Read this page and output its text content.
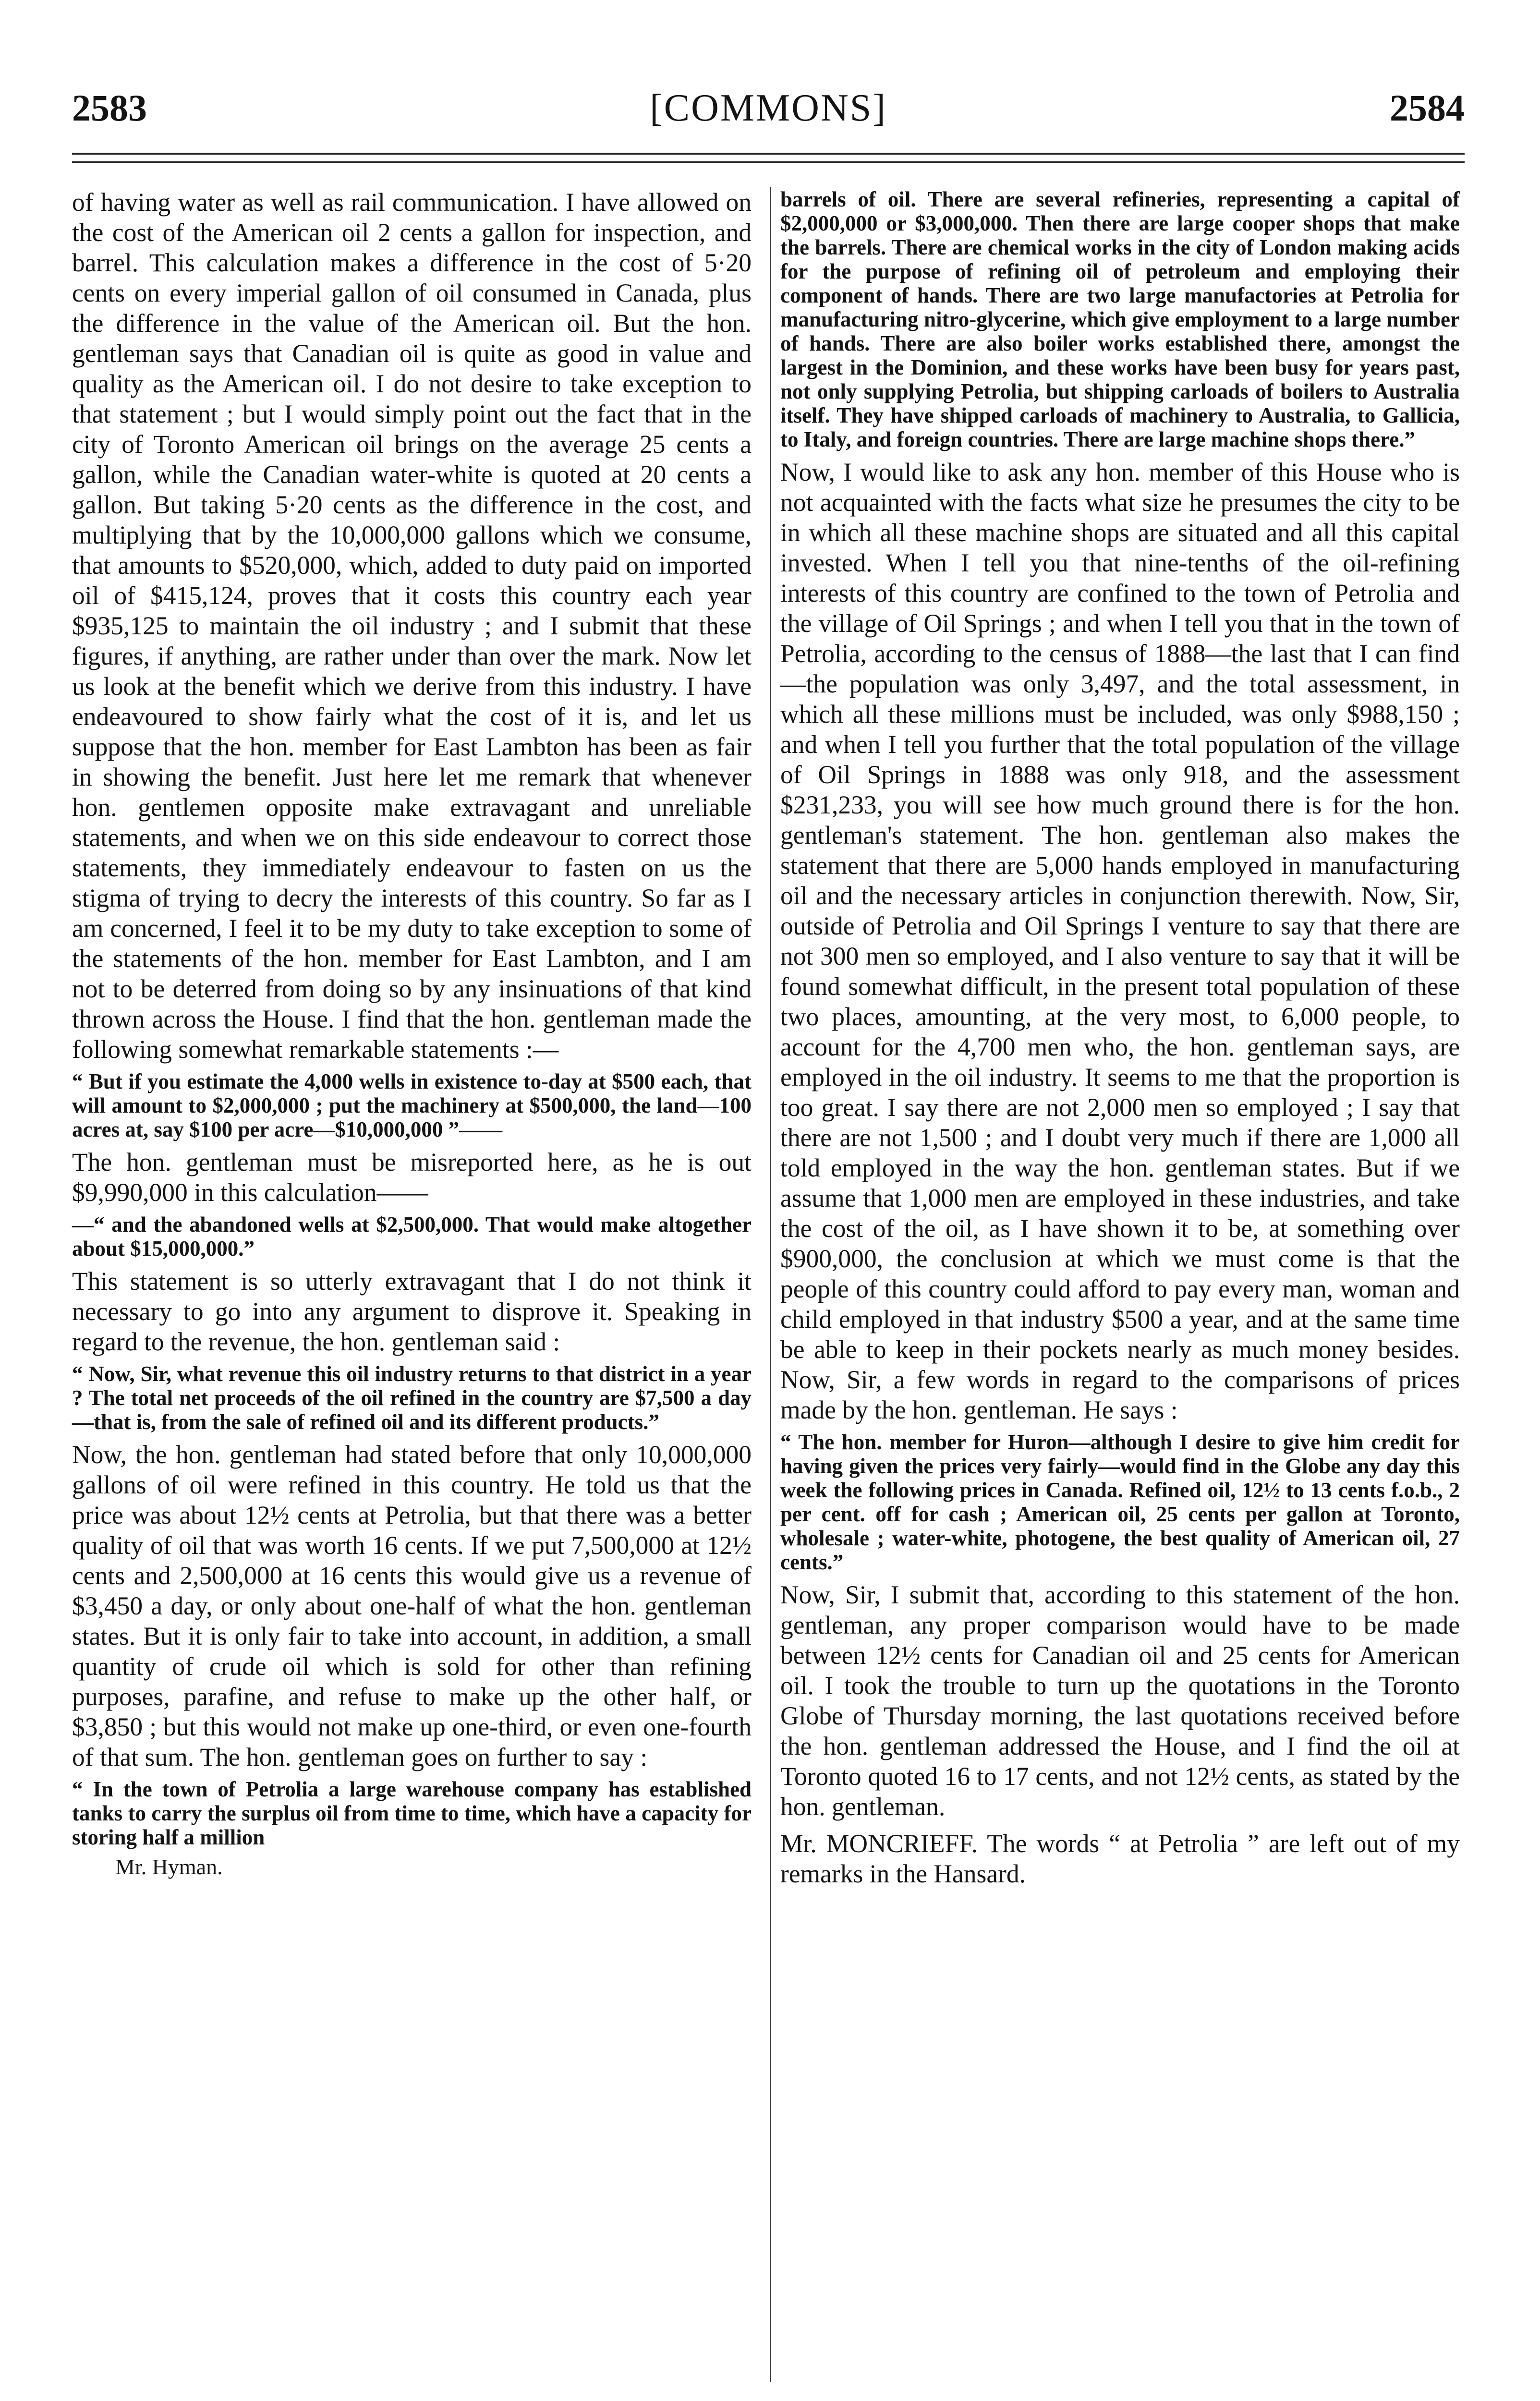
2583	[COMMONS]	2584

of having water as well as rail communication. I have allowed on the cost of the American oil 2 cents a gallon for inspection, and barrel. This calculation makes a difference in the cost of 5·20 cents on every imperial gallon of oil consumed in Canada, plus the difference in the value of the American oil. But the hon. gentleman says that Canadian oil is quite as good in value and quality as the American oil. I do not desire to take exception to that statement ; but I would simply point out the fact that in the city of Toronto American oil brings on the average 25 cents a gallon, while the Canadian water-white is quoted at 20 cents a gallon. But taking 5·20 cents as the difference in the cost, and multiplying that by the 10,000,000 gallons which we consume, that amounts to $520,000, which, added to duty paid on imported oil of $415,124, proves that it costs this country each year $935,125 to maintain the oil industry ; and I submit that these figures, if anything, are rather under than over the mark. Now let us look at the benefit which we derive from this industry. I have endeavoured to show fairly what the cost of it is, and let us suppose that the hon. member for East Lambton has been as fair in showing the benefit. Just here let me remark that whenever hon. gentlemen opposite make extravagant and unreliable statements, and when we on this side endeavour to correct those statements, they immediately endeavour to fasten on us the stigma of trying to decry the interests of this country. So far as I am concerned, I feel it to be my duty to take exception to some of the statements of the hon. member for East Lambton, and I am not to be deterred from doing so by any insinuations of that kind thrown across the House. I find that the hon. gentleman made the following somewhat remarkable statements :—

“ But if you estimate the 4,000 wells in existence to-day at $500 each, that will amount to $2,000,000 ; put the machinery at $500,000, the land—100 acres at, say $100 per acre—$10,000,000 ”——

The hon. gentleman must be misreported here, as he is out $9,990,000 in this calculation——

—“ and the abandoned wells at $2,500,000. That would make altogether about $15,000,000.”

This statement is so utterly extravagant that I do not think it necessary to go into any argument to disprove it. Speaking in regard to the revenue, the hon. gentleman said :

“ Now, Sir, what revenue this oil industry returns to that district in a year ? The total net proceeds of the oil refined in the country are $7,500 a day—that is, from the sale of refined oil and its different products.”

Now, the hon. gentleman had stated before that only 10,000,000 gallons of oil were refined in this country. He told us that the price was about 12½ cents at Petrolia, but that there was a better quality of oil that was worth 16 cents. If we put 7,500,000 at 12½ cents and 2,500,000 at 16 cents this would give us a revenue of $3,450 a day, or only about one-half of what the hon. gentleman states. But it is only fair to take into account, in addition, a small quantity of crude oil which is sold for other than refining purposes, parafine, and refuse to make up the other half, or $3,850 ; but this would not make up one-third, or even one-fourth of that sum. The hon. gentleman goes on further to say :

“ In the town of Petrolia a large warehouse company has established tanks to carry the surplus oil from time to time, which have a capacity for storing half a million

Mr. Hyman.

barrels of oil. There are several refineries, representing a capital of $2,000,000 or $3,000,000. Then there are large cooper shops that make the barrels. There are chemical works in the city of London making acids for the purpose of refining oil of petroleum and employing their component of hands. There are two large manufactories at Petrolia for manufacturing nitro-glycerine, which give employment to a large number of hands. There are also boiler works established there, amongst the largest in the Dominion, and these works have been busy for years past, not only supplying Petrolia, but shipping carloads of boilers to Australia itself. They have shipped carloads of machinery to Australia, to Gallicia, to Italy, and foreign countries. There are large machine shops there.”

Now, I would like to ask any hon. member of this House who is not acquainted with the facts what size he presumes the city to be in which all these machine shops are situated and all this capital invested. When I tell you that nine-tenths of the oil-refining interests of this country are confined to the town of Petrolia and the village of Oil Springs ; and when I tell you that in the town of Petrolia, according to the census of 1888—the last that I can find—the population was only 3,497, and the total assessment, in which all these millions must be included, was only $988,150 ; and when I tell you further that the total population of the village of Oil Springs in 1888 was only 918, and the assessment $231,233, you will see how much ground there is for the hon. gentleman's statement. The hon. gentleman also makes the statement that there are 5,000 hands employed in manufacturing oil and the necessary articles in conjunction therewith. Now, Sir, outside of Petrolia and Oil Springs I venture to say that there are not 300 men so employed, and I also venture to say that it will be found somewhat difficult, in the present total population of these two places, amounting, at the very most, to 6,000 people, to account for the 4,700 men who, the hon. gentleman says, are employed in the oil industry. It seems to me that the proportion is too great. I say there are not 2,000 men so employed ; I say that there are not 1,500 ; and I doubt very much if there are 1,000 all told employed in the way the hon. gentleman states. But if we assume that 1,000 men are employed in these industries, and take the cost of the oil, as I have shown it to be, at something over $900,000, the conclusion at which we must come is that the people of this country could afford to pay every man, woman and child employed in that industry $500 a year, and at the same time be able to keep in their pockets nearly as much money besides. Now, Sir, a few words in regard to the comparisons of prices made by the hon. gentleman. He says :

“ The hon. member for Huron—although I desire to give him credit for having given the prices very fairly—would find in the Globe any day this week the following prices in Canada. Refined oil, 12½ to 13 cents f.o.b., 2 per cent. off for cash ; American oil, 25 cents per gallon at Toronto, wholesale ; water-white, photogene, the best quality of American oil, 27 cents.”

Now, Sir, I submit that, according to this statement of the hon. gentleman, any proper comparison would have to be made between 12½ cents for Canadian oil and 25 cents for American oil. I took the trouble to turn up the quotations in the Toronto Globe of Thursday morning, the last quotations received before the hon. gentleman addressed the House, and I find the oil at Toronto quoted 16 to 17 cents, and not 12½ cents, as stated by the hon. gentleman.

Mr. MONCRIEFF. The words “ at Petrolia ” are left out of my remarks in the Hansard.
